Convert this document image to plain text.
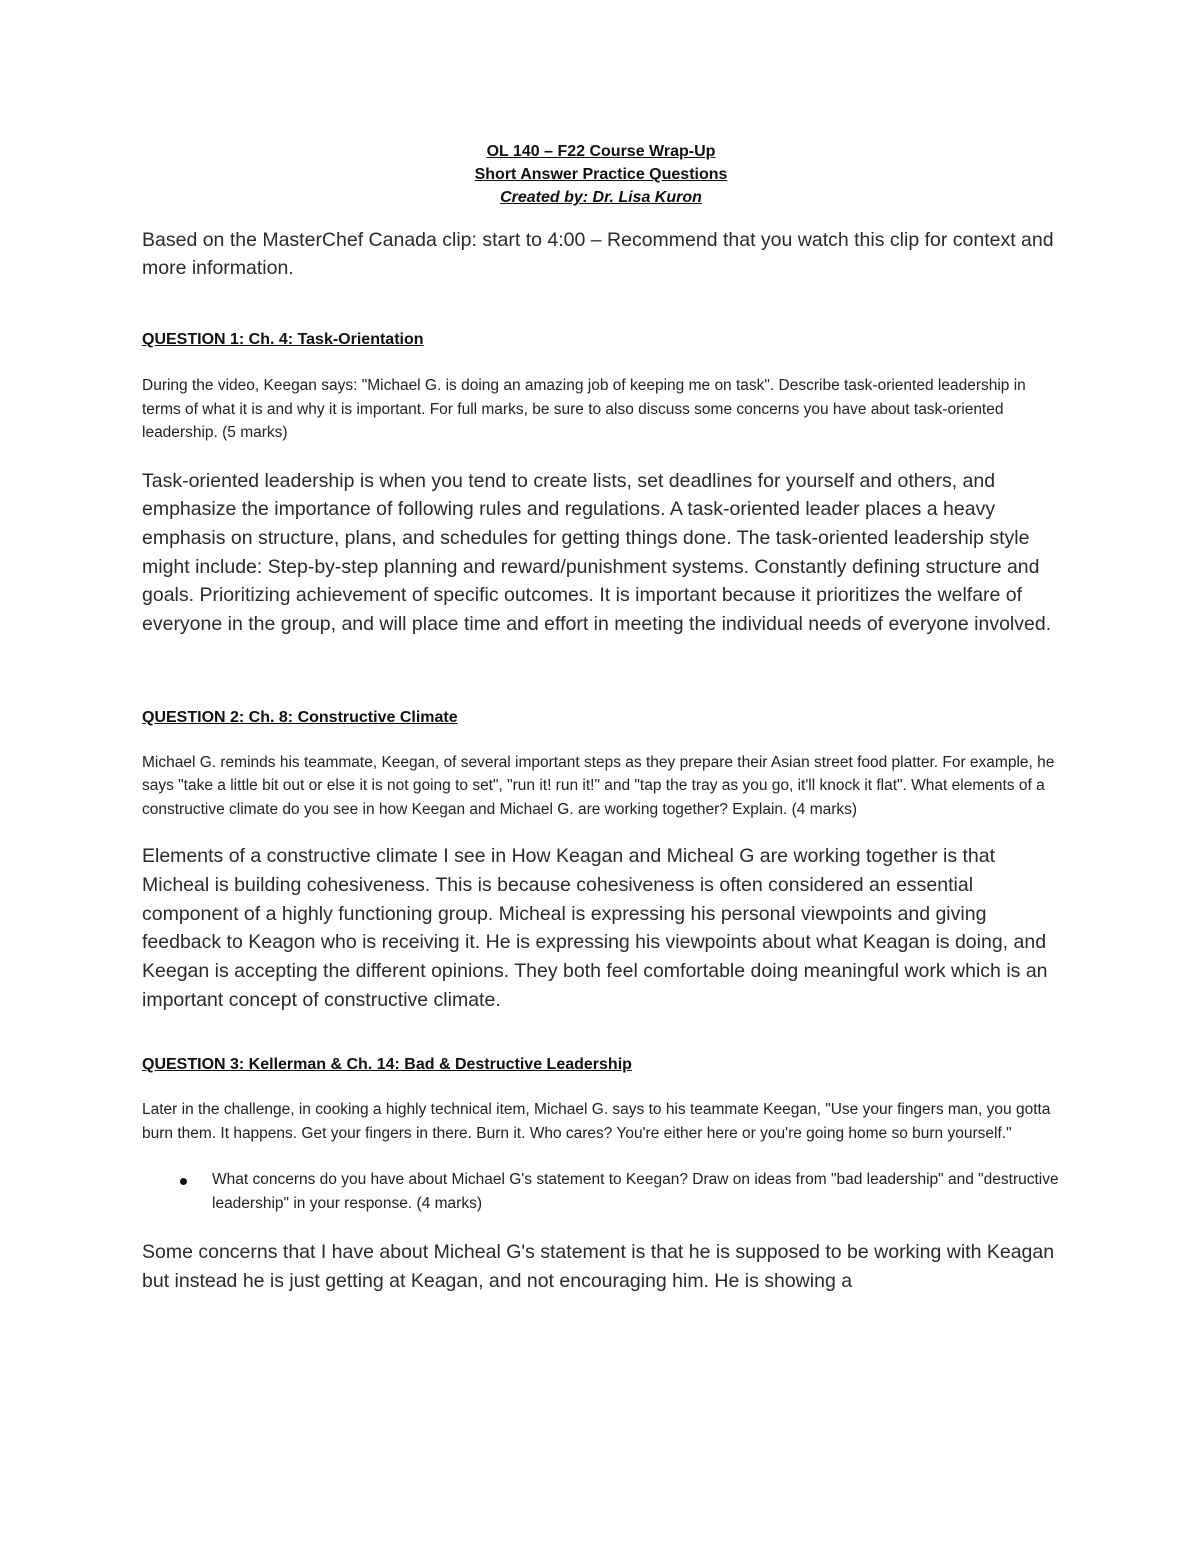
OL 140 – F22 Course Wrap-Up
Short Answer Practice Questions
Created by: Dr. Lisa Kuron
Based on the MasterChef Canada clip: start to 4:00 – Recommend that you watch this clip for context and more information.
QUESTION 1: Ch. 4: Task-Orientation
During the video, Keegan says: "Michael G. is doing an amazing job of keeping me on task". Describe task-oriented leadership in terms of what it is and why it is important. For full marks, be sure to also discuss some concerns you have about task-oriented leadership. (5 marks)
Task-oriented leadership is when you tend to create lists, set deadlines for yourself and others, and emphasize the importance of following rules and regulations. A task-oriented leader places a heavy emphasis on structure, plans, and schedules for getting things done. The task-oriented leadership style might include: Step-by-step planning and reward/punishment systems. Constantly defining structure and goals. Prioritizing achievement of specific outcomes. It is important because it prioritizes the welfare of everyone in the group, and will place time and effort in meeting the individual needs of everyone involved.
QUESTION 2: Ch. 8: Constructive Climate
Michael G. reminds his teammate, Keegan, of several important steps as they prepare their Asian street food platter. For example, he says "take a little bit out or else it is not going to set", "run it! run it!" and "tap the tray as you go, it'll knock it flat". What elements of a constructive climate do you see in how Keegan and Michael G. are working together? Explain. (4 marks)
Elements of a constructive climate I see in How Keagan and Micheal G are working together is that Micheal is building cohesiveness. This is because cohesiveness is often considered an essential component of a highly functioning group. Micheal is expressing his personal viewpoints and giving feedback to Keagon who is receiving it. He is expressing his viewpoints about what Keagan is doing, and Keegan is accepting the different opinions. They both feel comfortable doing meaningful work which is an important concept of constructive climate.
QUESTION 3: Kellerman & Ch. 14: Bad & Destructive Leadership
Later in the challenge, in cooking a highly technical item, Michael G. says to his teammate Keegan, "Use your fingers man, you gotta burn them. It happens. Get your fingers in there. Burn it. Who cares? You're either here or you're going home so burn yourself."
What concerns do you have about Michael G's statement to Keegan? Draw on ideas from "bad leadership" and "destructive leadership" in your response. (4 marks)
Some concerns that I have about Micheal G's statement is that he is supposed to be working with Keagan but instead he is just getting at Keagan, and not encouraging him. He is showing a
